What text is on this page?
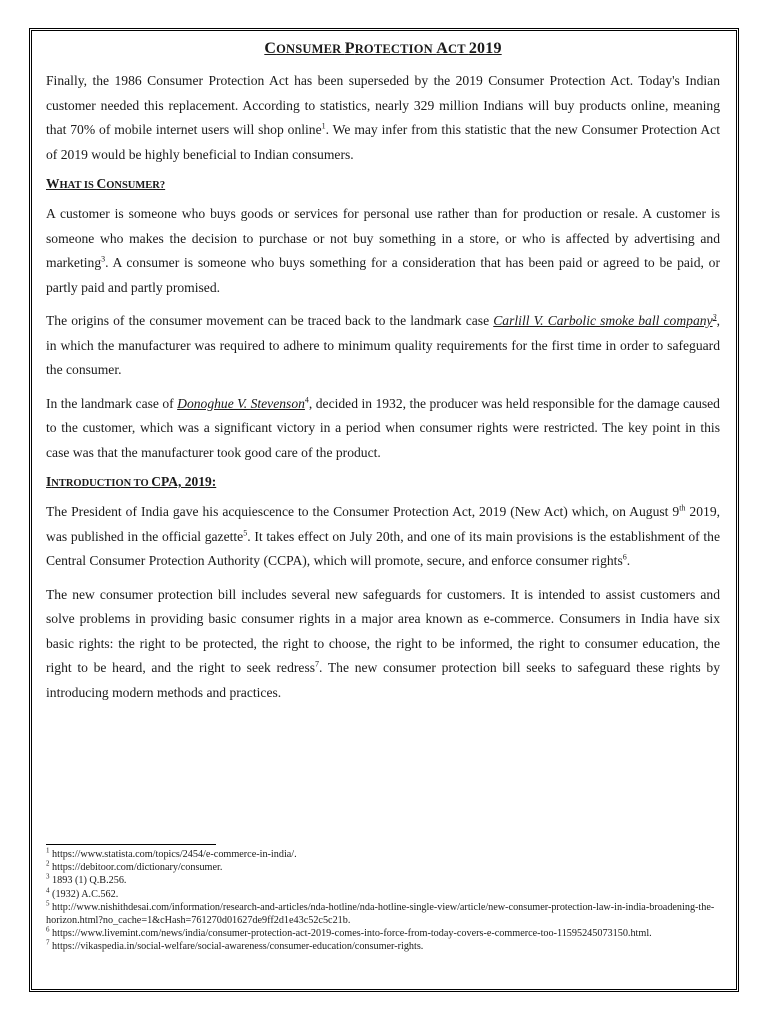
CONSUMER PROTECTION ACT 2019

Finally, the 1986 Consumer Protection Act has been superseded by the 2019 Consumer Protection Act. Today's Indian customer needed this replacement. According to statistics, nearly 329 million Indians will buy products online, meaning that 70% of mobile internet users will shop online$^1$. We may infer from this statistic that the new Consumer Protection Act of 2019 would be highly beneficial to Indian consumers.

WHAT IS CONSUMER?

A customer is someone who buys goods or services for personal use rather than for production or resale. A customer is someone who makes the decision to purchase or not buy something in a store, or who is affected by advertising and marketing$^3$. A consumer is someone who buys something for a consideration that has been paid or agreed to be paid, or partly paid and partly promised.

The origins of the consumer movement can be traced back to the landmark case Carlill V. Carbolic smoke ball company$^3$, in which the manufacturer was required to adhere to minimum quality requirements for the first time in order to safeguard the consumer.

In the landmark case of Donoghue V. Stevenson$^4$, decided in 1932, the producer was held responsible for the damage caused to the customer, which was a significant victory in a period when consumer rights were restricted. The key point in this case was that the manufacturer took good care of the product.

INTRODUCTION TO CPA, 2019:

The President of India gave his acquiescence to the Consumer Protection Act, 2019 (New Act) which, on August 9th 2019, was published in the official gazette$^5$. It takes effect on July 20th, and one of its main provisions is the establishment of the Central Consumer Protection Authority (CCPA), which will promote, secure, and enforce consumer rights$^6$.

The new consumer protection bill includes several new safeguards for customers. It is intended to assist customers and solve problems in providing basic consumer rights in a major area known as e-commerce. Consumers in India have six basic rights: the right to be protected, the right to choose, the right to be informed, the right to consumer education, the right to be heard, and the right to seek redress$^7$. The new consumer protection bill seeks to safeguard these rights by introducing modern methods and practices.

$^1$ https://www.statista.com/topics/2454/e-commerce-in-india/.

$^2$ https://debitoor.com/dictionary/consumer.

$^3$ 1893 (1) Q.B.256.

$^4$ (1932) A.C.562.

$^5$ http://www.nishithdesai.com/information/research-and-articles/nda-hotline/nda-hotline-single-view/article/new-consumer-protection-law-in-india-broadening-the-horizon.html?no_cache=1&cHash=761270d01627de9ff2d1e43c52c5c21b.

$^6$ https://www.livemint.com/news/india/consumer-protection-act-2019-comes-into-force-from-today-covers-e-commerce-too-11595245073150.html.

$^7$ https://vikaspedia.in/social-welfare/social-awareness/consumer-education/consumer-rights.
